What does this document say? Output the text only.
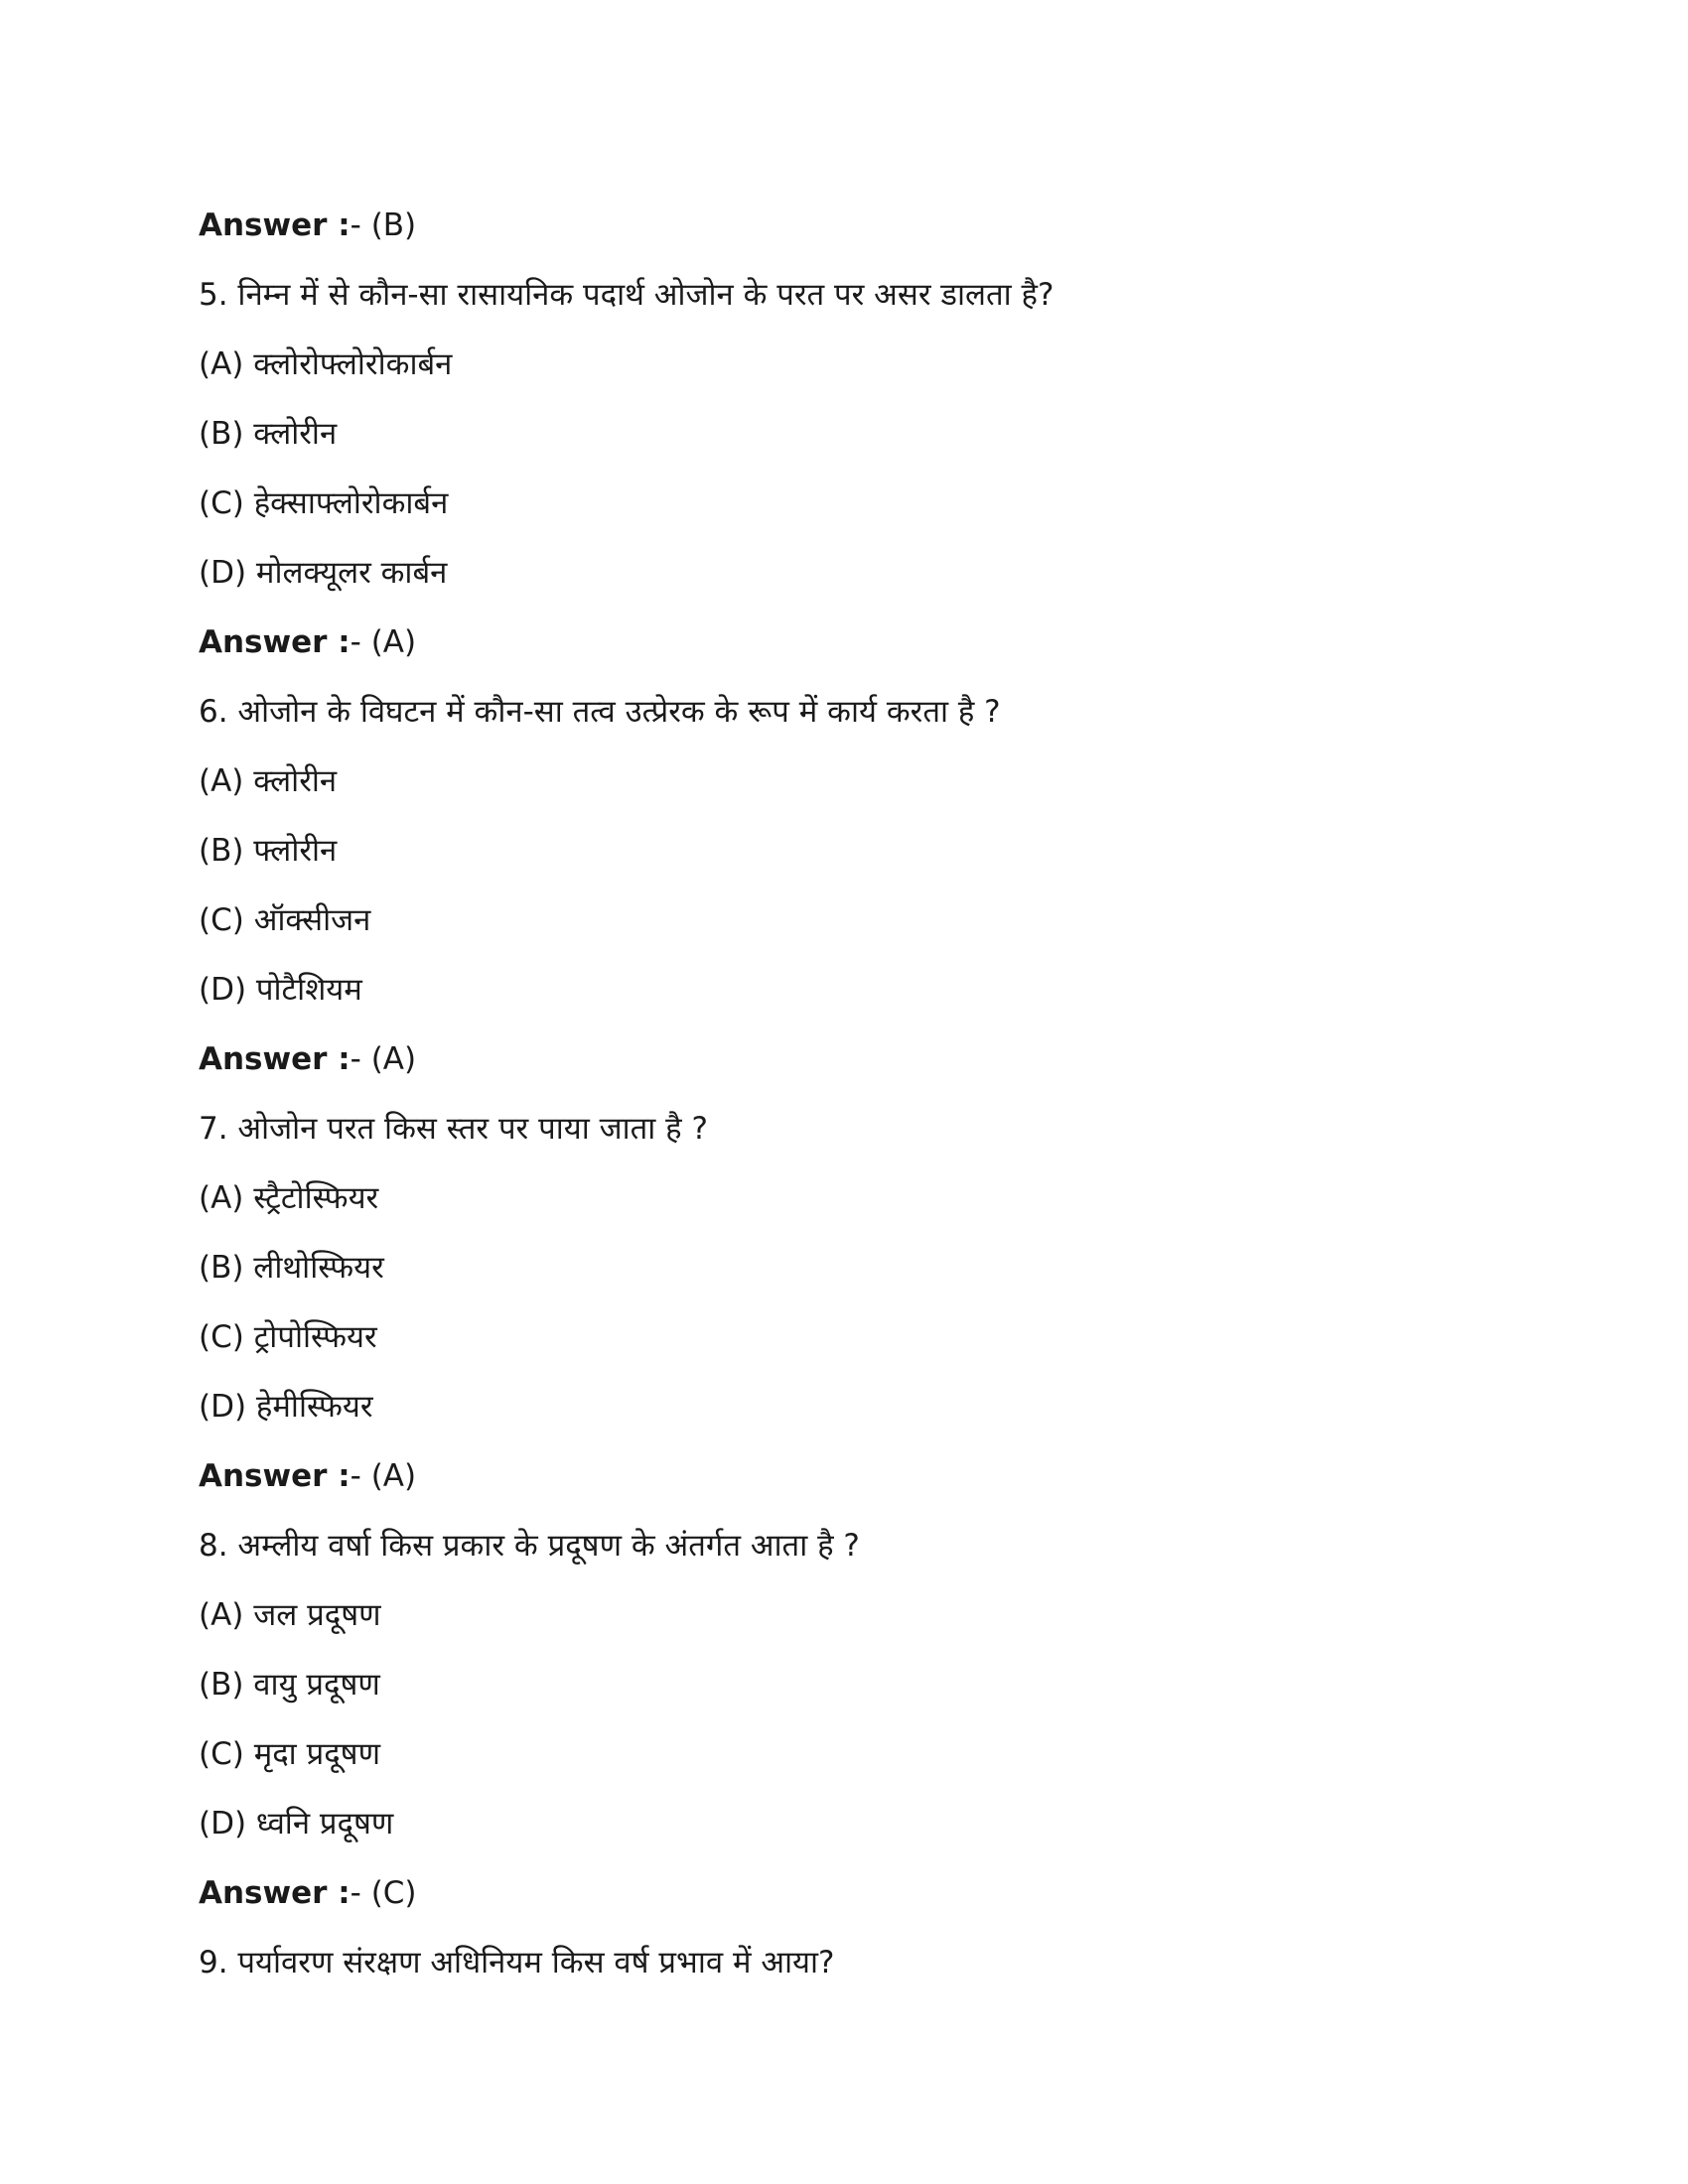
Answer :- (B)
5. निम्न में से कौन-सा रासायनिक पदार्थ ओजोन के परत पर असर डालता है?
(A) क्लोरोफ्लोरोकार्बन
(B) क्लोरीन
(C) हेक्साफ्लोरोकार्बन
(D) मोलक्यूलर कार्बन
Answer :- (A)
6. ओजोन के विघटन में कौन-सा तत्व उत्प्रेरक के रूप में कार्य करता है ?
(A) क्लोरीन
(B) फ्लोरीन
(C) ऑक्सीजन
(D) पोटैशियम
Answer :- (A)
7. ओजोन परत किस स्तर पर पाया जाता है ?
(A) स्ट्रैटोस्फियर
(B) लीथोस्फियर
(C) ट्रोपोस्फियर
(D) हेमीस्फियर
Answer :- (A)
8. अम्लीय वर्षा किस प्रकार के प्रदूषण के अंतर्गत आता है ?
(A) जल प्रदूषण
(B) वायु प्रदूषण
(C) मृदा प्रदूषण
(D) ध्वनि प्रदूषण
Answer :- (C)
9. पर्यावरण संरक्षण अधिनियम किस वर्ष प्रभाव में आया?
